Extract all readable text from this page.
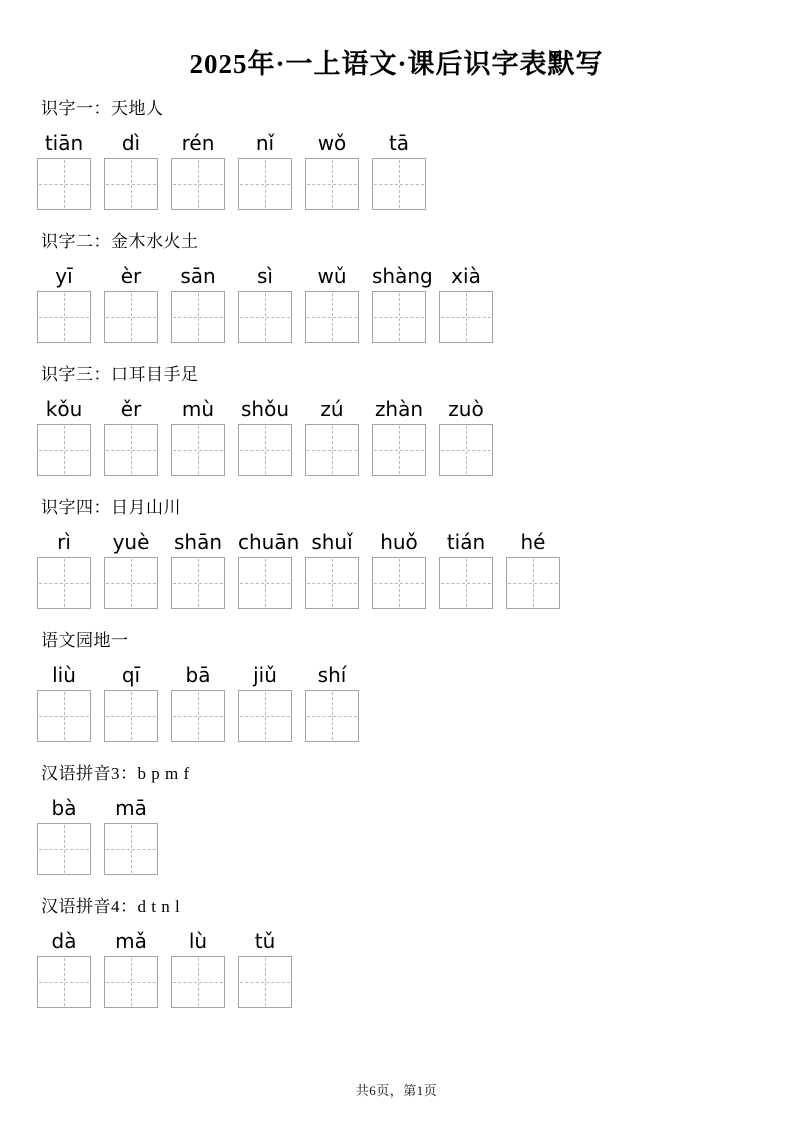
2025年·一上语文·课后识字表默写

识字一：天地人

tiān	dì	rén	nǐ	wǒ	tā

识字二：金木水火土

yī	èr	sān	sì	wǔ	shàng xià

识字三：口耳目手足

kǒu	ěr	mù	shǒu	zú	zhàn	zuò

识字四：日月山川

rì	yuè	shān chuān shuǐ	huǒ	tián	hé

语文园地一

liù	qī	bā	jiǔ	shí

汉语拼音3：b p m f

bà	mā

汉语拼音4：d t n l

dà	mǎ	lù	tǔ
共6页，第1页
